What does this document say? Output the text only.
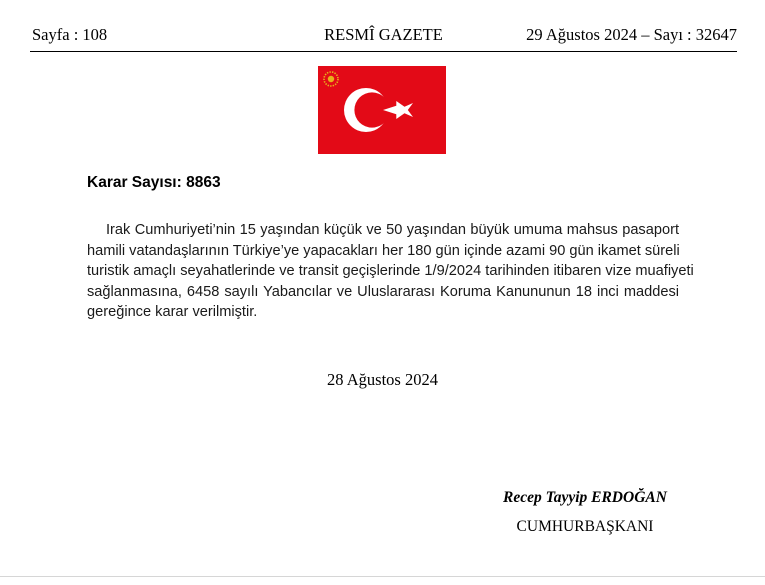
RESMÎ GAZETE
Sayfa : 108	29 Ağustos 2024 – Sayı : 32647
Karar Sayısı: 8863

Irak Cumhuriyeti’nin 15 yaşından küçük ve 50 yaşından büyük umuma mahsus pasaport
hamili vatandaşlarının Türkiye’ye yapacakları her 180 gün içinde azami 90 gün ikamet süreli
turistik amaçlı seyahatlerinde ve transit geçişlerinde 1/9/2024 tarihinden itibaren vize muafiyeti
sağlanmasına, 6458 sayılı Yabancılar ve Uluslararası Koruma Kanununun 18 inci maddesi
gereğince karar verilmiştir.

28 Ağustos 2024
Recep Tayyip ERDOĞAN
CUMHURBAŞKANI
